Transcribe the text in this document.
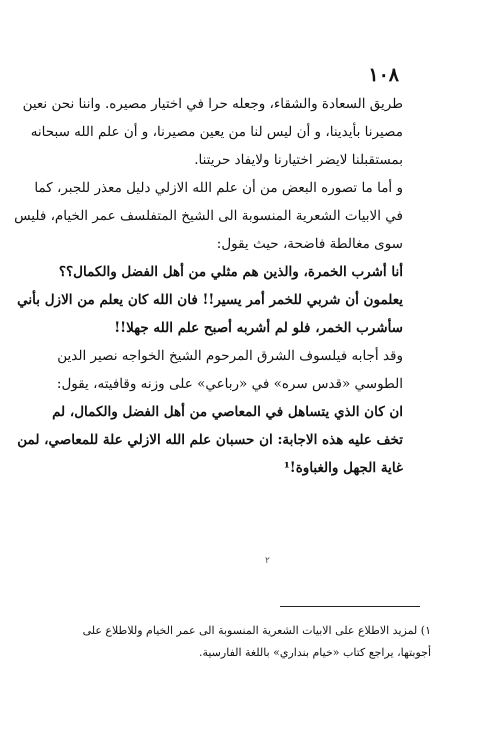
١٠٨
طريق السعادة والشقاء، وجعله حرا في اختيار مصيره. واننا نحن نعين
مصيرنا بأيدينا، و أن ليس لنا من يعين مصيرنا، و أن علم الله سبحانه
بمستقبلنا لايضر اختيارنا ولايفاد حريتنا.
و أما ما تصوره البعض من أن علم الله الازلي دليل معذر للجبر، كما
في الابيات الشعرية المنسوبة الى الشيخ المتفلسف عمر الخيام، فليس
سوى مغالطة فاضحة، حيث يقول:
أنا أشرب الخمرة، والذين هم مثلي من أهل الفضل والكمال؟؟
يعلمون أن شربي للخمر أمر يسير!! فان الله كان يعلم من الازل بأني
سأشرب الخمر، فلو لم أشربه أصبح علم الله جهلا!!
وقد أجابه فيلسوف الشرق المرحوم الشيخ الخواجه نصير الدين
الطوسي «قدس سره» في «رباعي» على وزنه وقافيته، يقول:
ان كان الذي يتساهل في المعاصي من أهل الفضل والكمال، لم
تخف عليه هذه الاجابة: ان حسبان علم الله الازلي علة للمعاصي، لمن
غاية الجهل والغباوة!¹
٢
١) لمزيد الاطلاع على الابيات الشعرية المنسوبة الى عمر الخيام وللاطلاع على
أجوبتها، يراجع كتاب «خيام بنداري» باللغة الفارسية.
